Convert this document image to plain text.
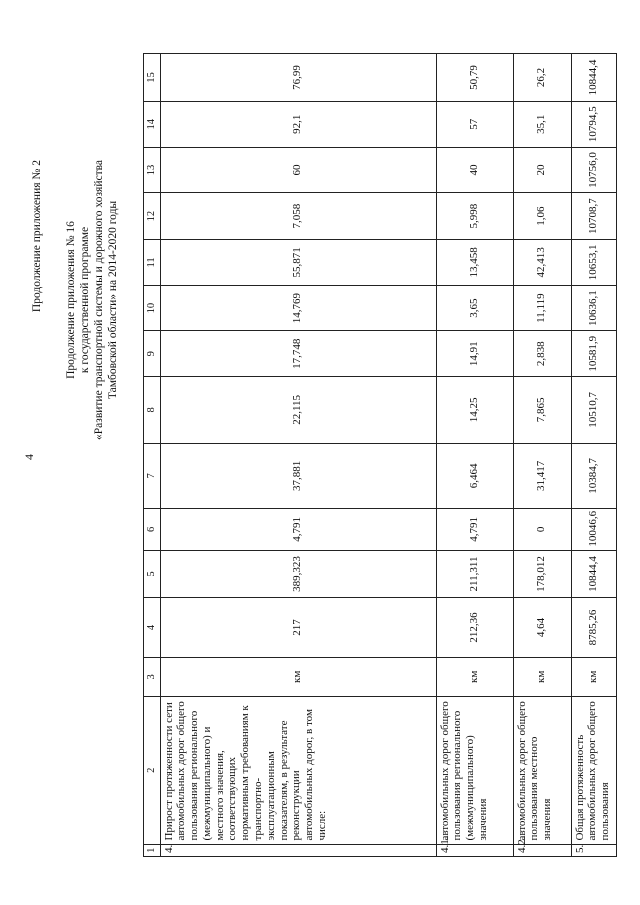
4
Продолжение приложения № 2 Продолжение приложения № 16 к государственной программе «Развитие транспортной системы и дорожного хозяйства Тамбовской области» на 2014-2020 годы
1	2	3	4	5	6	7	8	9	10	11	12	13	14	15
4.	Прирост протяженности сети автомобильных дорог общего пользования регионального (межмуниципального) и местного значения, соответствующих нормативным требованиям к транспортно-эксплуатационным показателям, в результате реконструкции автомобильных дорог, в том числе:	км	217	389,323	4,791	37,881	22,115	17,748	14,769	55,871	7,058	60	92,1	76,99
4.1.	автомобильных дорог общего пользования регионального (межмуниципального) значения	км	212,36	211,311	4,791	6,464	14,25	14,91	3,65	13,458	5,998	40	57	50,79
4.2.	автомобильных дорог общего пользования местного значения	км	4,64	178,012	0	31,417	7,865	2,838	11,119	42,413	1,06	20	35,1	26,2
5.	Общая протяженность автомобильных дорог общего пользования	км	8785,26	10844,4	10046,6	10384,7	10510,7	10581,9	10636,1	10653,1	10708,7	10756,0	10794,5	10844,4
